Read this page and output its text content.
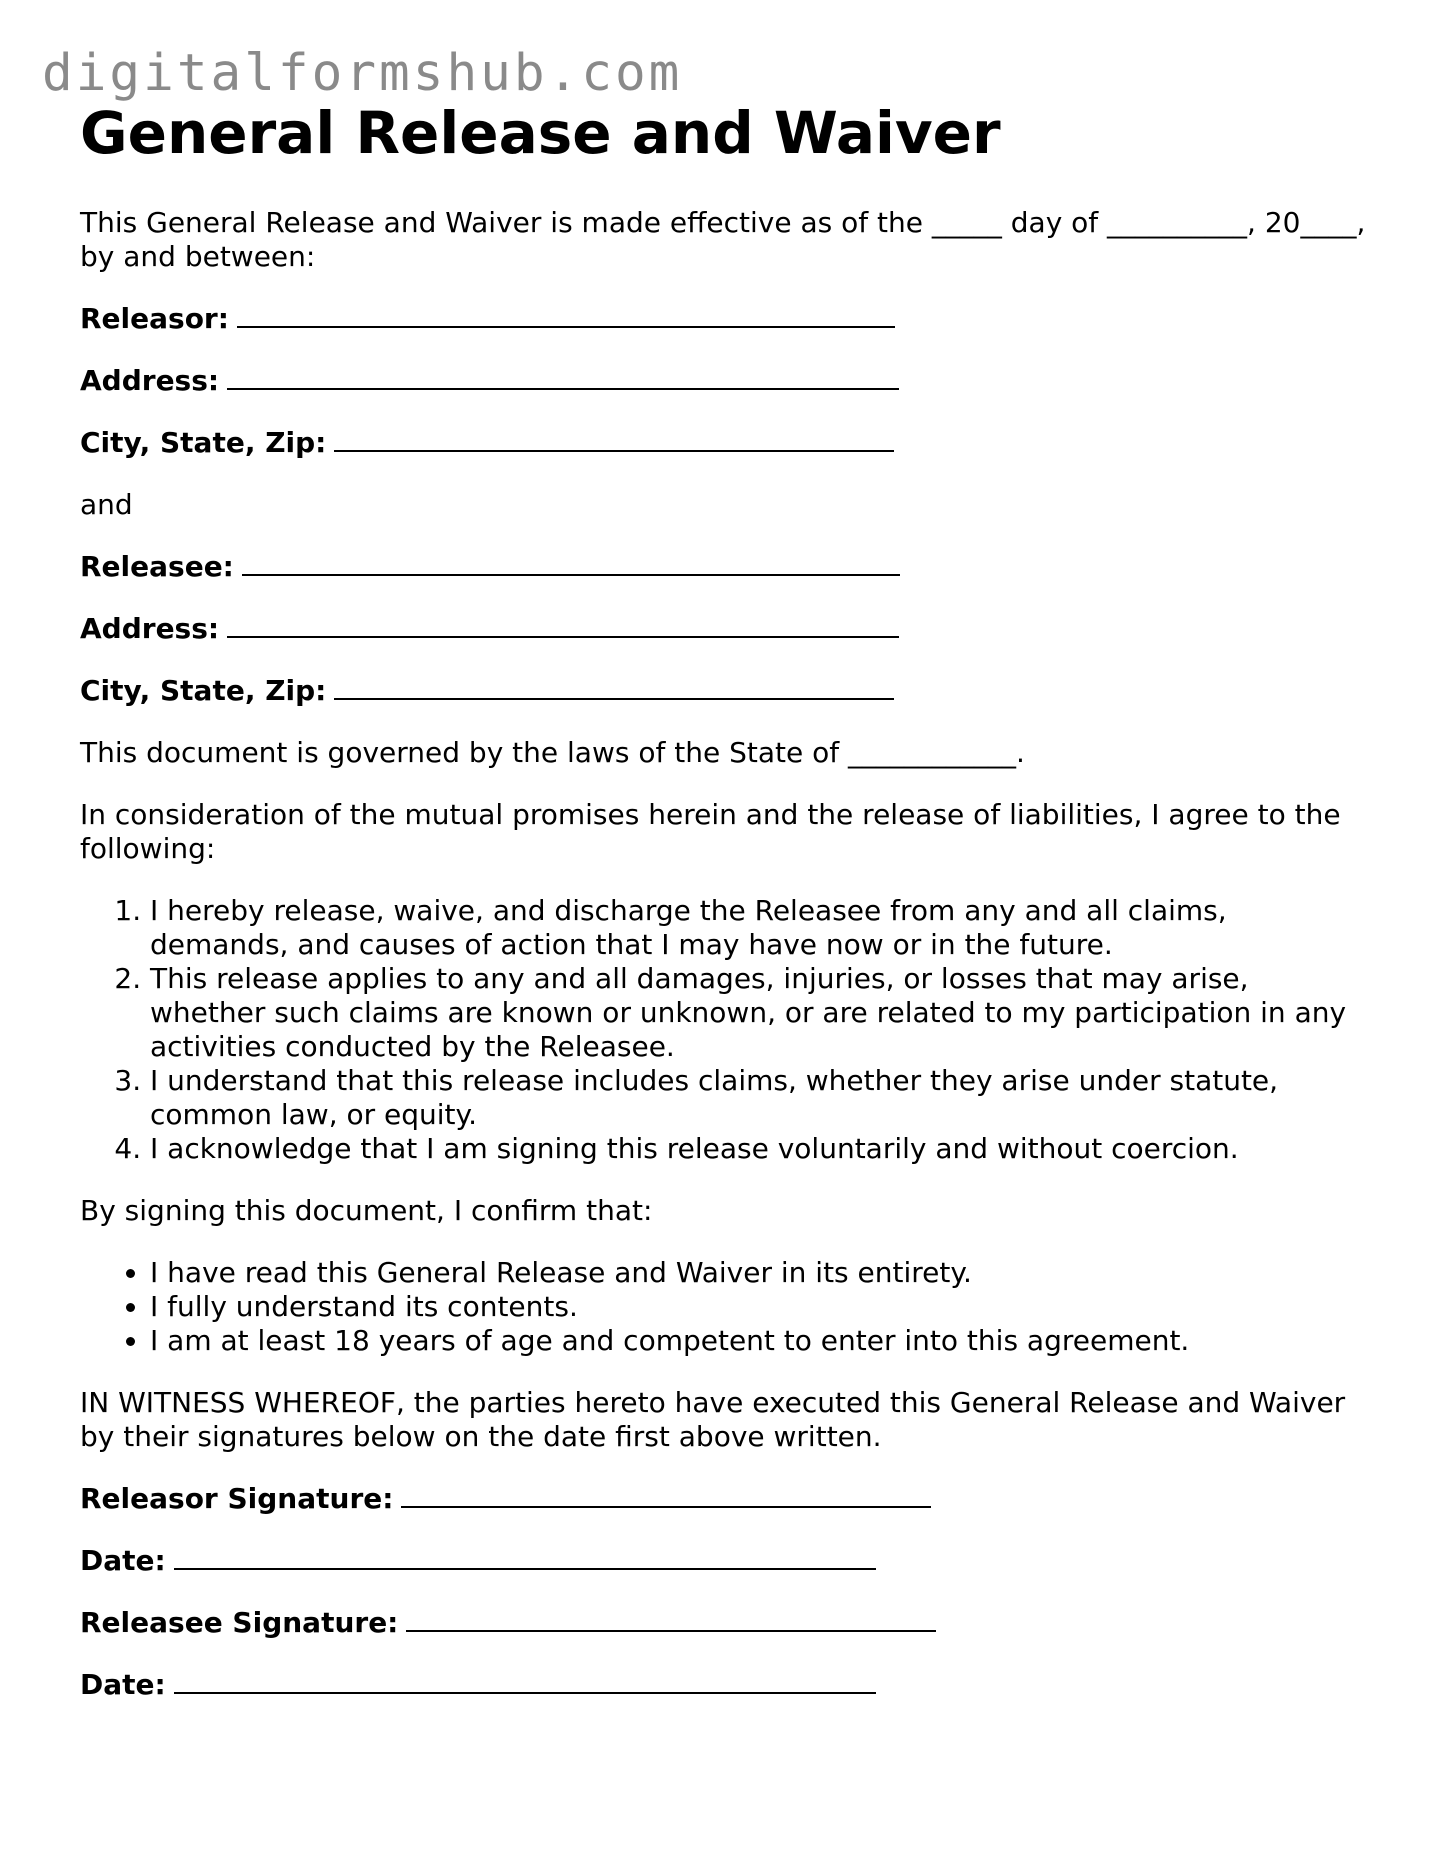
digitalformshub.com
General Release and Waiver

This General Release and Waiver is made effective as of the _____ day of __________, 20____, by and between:

Releasor:
Address:
City, State, Zip:

and

Releasee:
Address:
City, State, Zip:

This document is governed by the laws of the State of ____________.

In consideration of the mutual promises herein and the release of liabilities, I agree to the following:

1. I hereby release, waive, and discharge the Releasee from any and all claims, demands, and causes of action that I may have now or in the future.
2. This release applies to any and all damages, injuries, or losses that may arise, whether such claims are known or unknown, or are related to my participation in any activities conducted by the Releasee.
3. I understand that this release includes claims, whether they arise under statute, common law, or equity.
4. I acknowledge that I am signing this release voluntarily and without coercion.

By signing this document, I confirm that:

• I have read this General Release and Waiver in its entirety.
• I fully understand its contents.
• I am at least 18 years of age and competent to enter into this agreement.

IN WITNESS WHEREOF, the parties hereto have executed this General Release and Waiver by their signatures below on the date first above written.

Releasor Signature:
Date:
Releasee Signature:
Date:
